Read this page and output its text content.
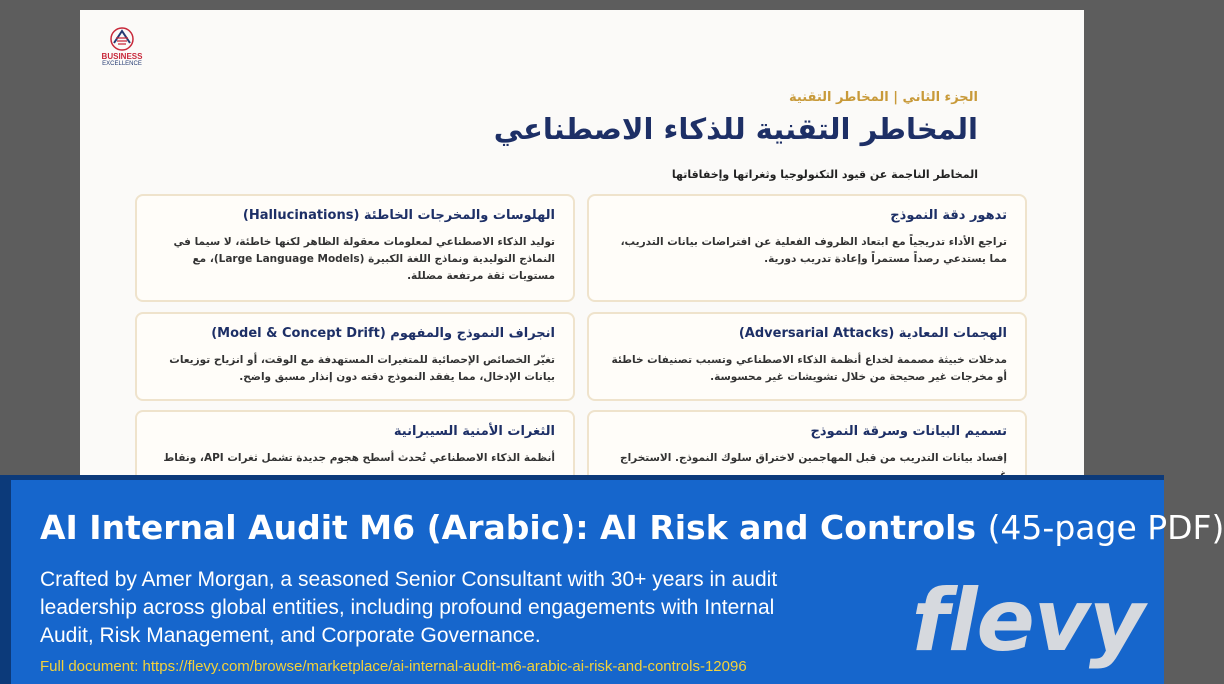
BUSINESS
EXCELLENCE
الجزء الثاني | المخاطر التقنية
المخاطر التقنية للذكاء الاصطناعي
المخاطر الناجمة عن قيود التكنولوجيا وثغراتها وإخفاقاتها
تدهور دقة النموذج
تراجع الأداء تدريجياً مع ابتعاد الظروف الفعلية عن افتراضات بيانات التدريب، مما يستدعي رصداً مستمراً وإعادة تدريب دورية.
الهلوسات والمخرجات الخاطئة (Hallucinations)
توليد الذكاء الاصطناعي لمعلومات معقولة الظاهر لكنها خاطئة، لا سيما في النماذج التوليدية ونماذج اللغة الكبيرة (Large Language Models)، مع مستويات ثقة مرتفعة مضللة.
الهجمات المعادية (Adversarial Attacks)
مدخلات خبيثة مصممة لخداع أنظمة الذكاء الاصطناعي وتسبب تصنيفات خاطئة أو مخرجات غير صحيحة من خلال تشويشات غير محسوسة.
انجراف النموذج والمفهوم (Model & Concept Drift)
تغيّر الخصائص الإحصائية للمتغيرات المستهدفة مع الوقت، أو انزياح توزيعات بيانات الإدخال، مما يفقد النموذج دقته دون إنذار مسبق واضح.
تسميم البيانات وسرقة النموذج
إفساد بيانات التدريب من قبل المهاجمين لاختراق سلوك النموذج. الاستخراج
الثغرات الأمنية السيبرانية
أنظمة الذكاء الاصطناعي تُحدث أسطح هجوم جديدة تشمل ثغرات API، ونقاط
AI Internal Audit M6 (Arabic): AI Risk and Controls (45-page PDF)
Crafted by Amer Morgan, a seasoned Senior Consultant with 30+ years in audit leadership across global entities, including profound engagements with Internal Audit, Risk Management, and Corporate Governance.
Full document: https://flevy.com/browse/marketplace/ai-internal-audit-m6-arabic-ai-risk-and-controls-12096 flevy
